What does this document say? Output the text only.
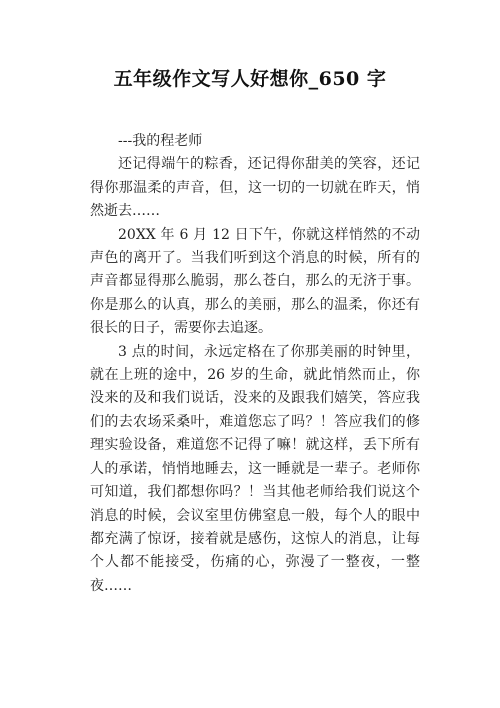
五年级作文写人好想你_650 字

---我的程老师

还记得端午的粽香，还记得你甜美的笑容，还记得你那温柔的声音，但，这一切的一切就在昨天，悄然逝去……

20XX 年 6 月 12 日下午，你就这样悄然的不动声色的离开了。当我们听到这个消息的时候，所有的声音都显得那么脆弱，那么苍白，那么的无济于事。你是那么的认真，那么的美丽，那么的温柔，你还有很长的日子，需要你去追逐。

3 点的时间，永远定格在了你那美丽的时钟里，就在上班的途中，26 岁的生命，就此悄然而止，你没来的及和我们说话，没来的及跟我们嬉笑，答应我们的去农场采桑叶，难道您忘了吗？！答应我们的修理实验设备，难道您不记得了嘛！就这样，丢下所有人的承诺，悄悄地睡去，这一睡就是一辈子。老师你可知道，我们都想你吗？！当其他老师给我们说这个消息的时候，会议室里仿佛窒息一般，每个人的眼中都充满了惊讶，接着就是感伤，这惊人的消息，让每个人都不能接受，伤痛的心，弥漫了一整夜，一整夜……
